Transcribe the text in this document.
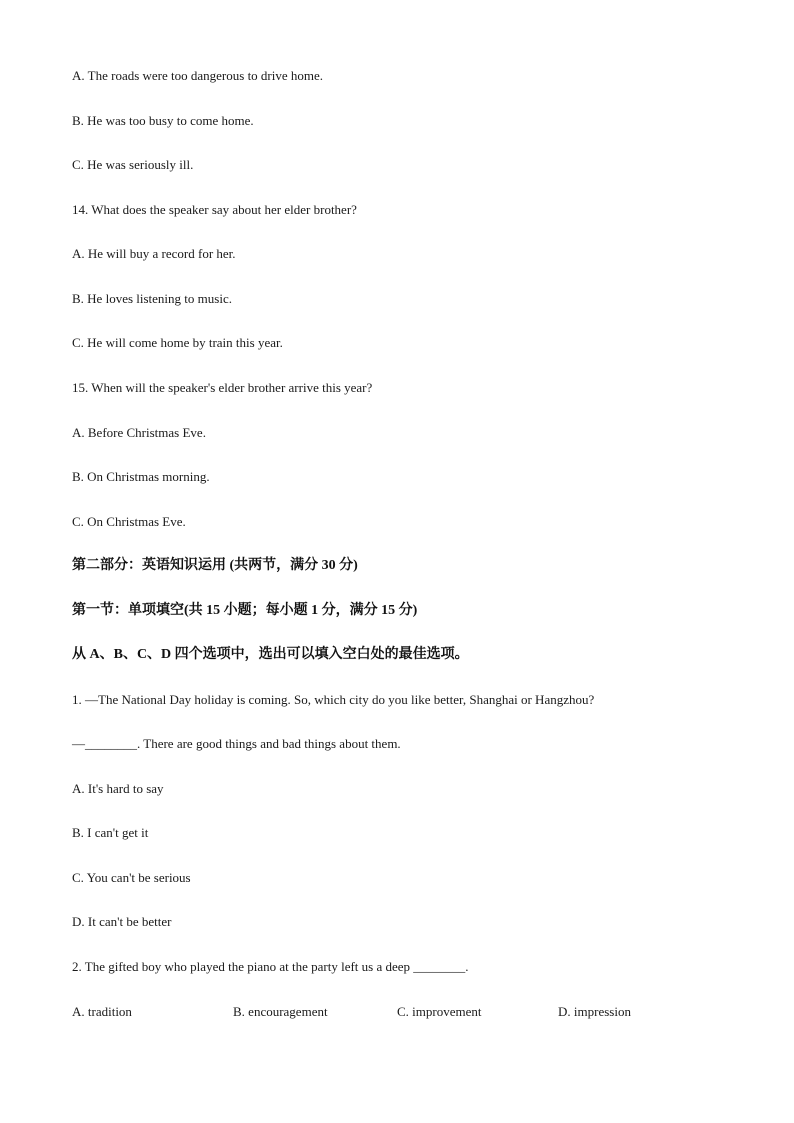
A. The roads were too dangerous to drive home.
B. He was too busy to come home.
C. He was seriously ill.
14. What does the speaker say about her elder brother?
A. He will buy a record for her.
B. He loves listening to music.
C. He will come home by train this year.
15. When will the speaker's elder brother arrive this year?
A. Before Christmas Eve.
B. On Christmas morning.
C. On Christmas Eve.
第二部分：英语知识运用 (共两节，满分 30 分)
第一节：单项填空(共 15 小题；每小题 1 分，满分 15 分)
从 A、B、C、D 四个选项中，选出可以填入空白处的最佳选项。
1. —The National Day holiday is coming. So, which city do you like better, Shanghai or Hangzhou?
—________. There are good things and bad things about them.
A. It's hard to say
B. I can't get it
C. You can't be serious
D. It can't be better
2. The gifted boy who played the piano at the party left us a deep ________.
A. tradition	B. encouragement	C. improvement	D. impression
